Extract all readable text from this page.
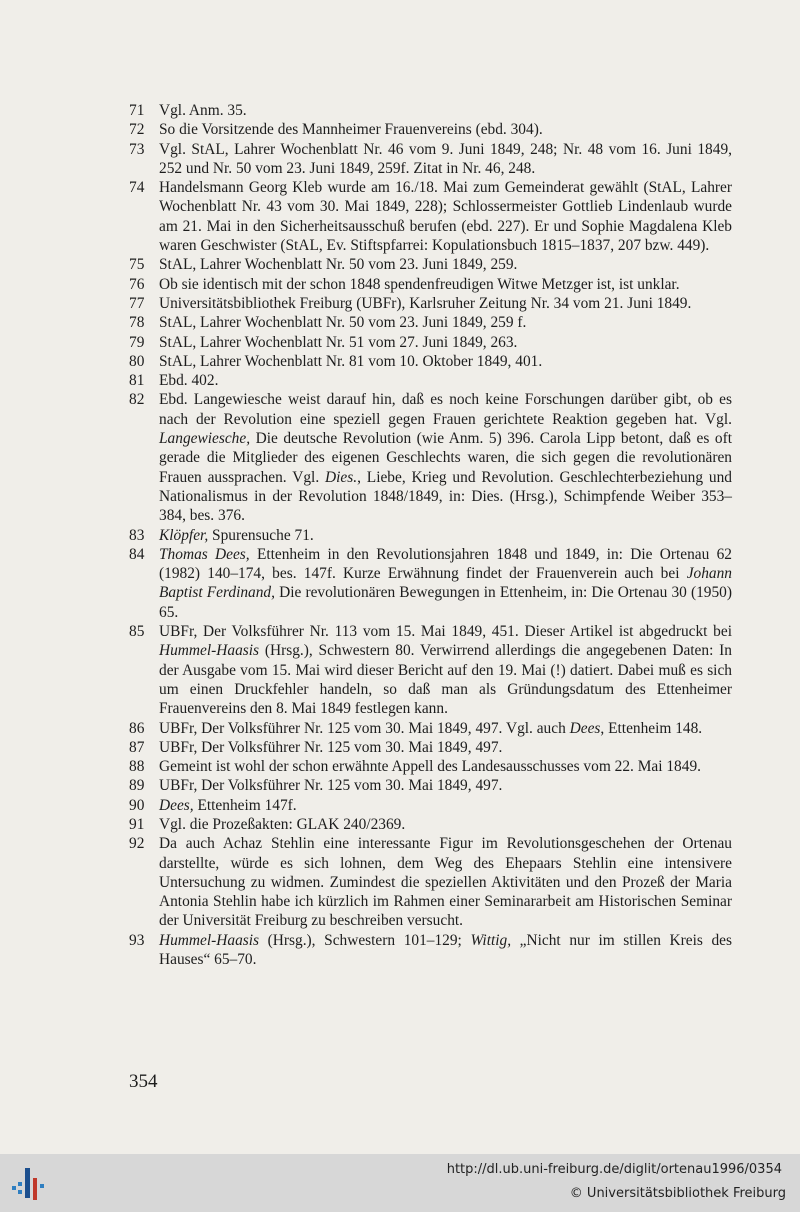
71 Vgl. Anm. 35.
72 So die Vorsitzende des Mannheimer Frauenvereins (ebd. 304).
73 Vgl. StAL, Lahrer Wochenblatt Nr. 46 vom 9. Juni 1849, 248; Nr. 48 vom 16. Juni 1849, 252 und Nr. 50 vom 23. Juni 1849, 259f. Zitat in Nr. 46, 248.
74 Handelsmann Georg Kleb wurde am 16./18. Mai zum Gemeinderat gewählt (StAL, Lahrer Wochenblatt Nr. 43 vom 30. Mai 1849, 228); Schlossermeister Gottlieb Lindenlaub wurde am 21. Mai in den Sicherheitsausschuß berufen (ebd. 227). Er und Sophie Magdalena Kleb waren Geschwister (StAL, Ev. Stiftspfarrei: Kopulationsbuch 1815–1837, 207 bzw. 449).
75 StAL, Lahrer Wochenblatt Nr. 50 vom 23. Juni 1849, 259.
76 Ob sie identisch mit der schon 1848 spendenfreudigen Witwe Metzger ist, ist unklar.
77 Universitätsbibliothek Freiburg (UBFr), Karlsruher Zeitung Nr. 34 vom 21. Juni 1849.
78 StAL, Lahrer Wochenblatt Nr. 50 vom 23. Juni 1849, 259 f.
79 StAL, Lahrer Wochenblatt Nr. 51 vom 27. Juni 1849, 263.
80 StAL, Lahrer Wochenblatt Nr. 81 vom 10. Oktober 1849, 401.
81 Ebd. 402.
82 Ebd. Langewiesche weist darauf hin, daß es noch keine Forschungen darüber gibt, ob es nach der Revolution eine speziell gegen Frauen gerichtete Reaktion gegeben hat. Vgl. Langewiesche, Die deutsche Revolution (wie Anm. 5) 396. Carola Lipp betont, daß es oft gerade die Mitglieder des eigenen Geschlechts waren, die sich gegen die revolutionären Frauen aussprachen. Vgl. Dies., Liebe, Krieg und Revolution. Geschlechterbeziehung und Nationalismus in der Revolution 1848/1849, in: Dies. (Hrsg.), Schimpfende Weiber 353–384, bes. 376.
83 Klöpfer, Spurensuche 71.
84 Thomas Dees, Ettenheim in den Revolutionsjahren 1848 und 1849, in: Die Ortenau 62 (1982) 140–174, bes. 147f. Kurze Erwähnung findet der Frauenverein auch bei Johann Baptist Ferdinand, Die revolutionären Bewegungen in Ettenheim, in: Die Ortenau 30 (1950) 65.
85 UBFr, Der Volksführer Nr. 113 vom 15. Mai 1849, 451. Dieser Artikel ist abgedruckt bei Hummel-Haasis (Hrsg.), Schwestern 80. Verwirrend allerdings die angegebenen Daten: In der Ausgabe vom 15. Mai wird dieser Bericht auf den 19. Mai (!) datiert. Dabei muß es sich um einen Druckfehler handeln, so daß man als Gründungsdatum des Ettenheimer Frauenvereins den 8. Mai 1849 festlegen kann.
86 UBFr, Der Volksführer Nr. 125 vom 30. Mai 1849, 497. Vgl. auch Dees, Ettenheim 148.
87 UBFr, Der Volksführer Nr. 125 vom 30. Mai 1849, 497.
88 Gemeint ist wohl der schon erwähnte Appell des Landesausschusses vom 22. Mai 1849.
89 UBFr, Der Volksführer Nr. 125 vom 30. Mai 1849, 497.
90 Dees, Ettenheim 147f.
91 Vgl. die Prozeßakten: GLAK 240/2369.
92 Da auch Achaz Stehlin eine interessante Figur im Revolutionsgeschehen der Ortenau darstellte, würde es sich lohnen, dem Weg des Ehepaars Stehlin eine intensivere Untersuchung zu widmen. Zumindest die speziellen Aktivitäten und den Prozeß der Maria Antonia Stehlin habe ich kürzlich im Rahmen einer Seminararbeit am Historischen Seminar der Universität Freiburg zu beschreiben versucht.
93 Hummel-Haasis (Hrsg.), Schwestern 101–129; Wittig, „Nicht nur im stillen Kreis des Hauses“ 65–70.
354
http://dl.ub.uni-freiburg.de/diglit/ortenau1996/0354
© Universitätsbibliothek Freiburg
